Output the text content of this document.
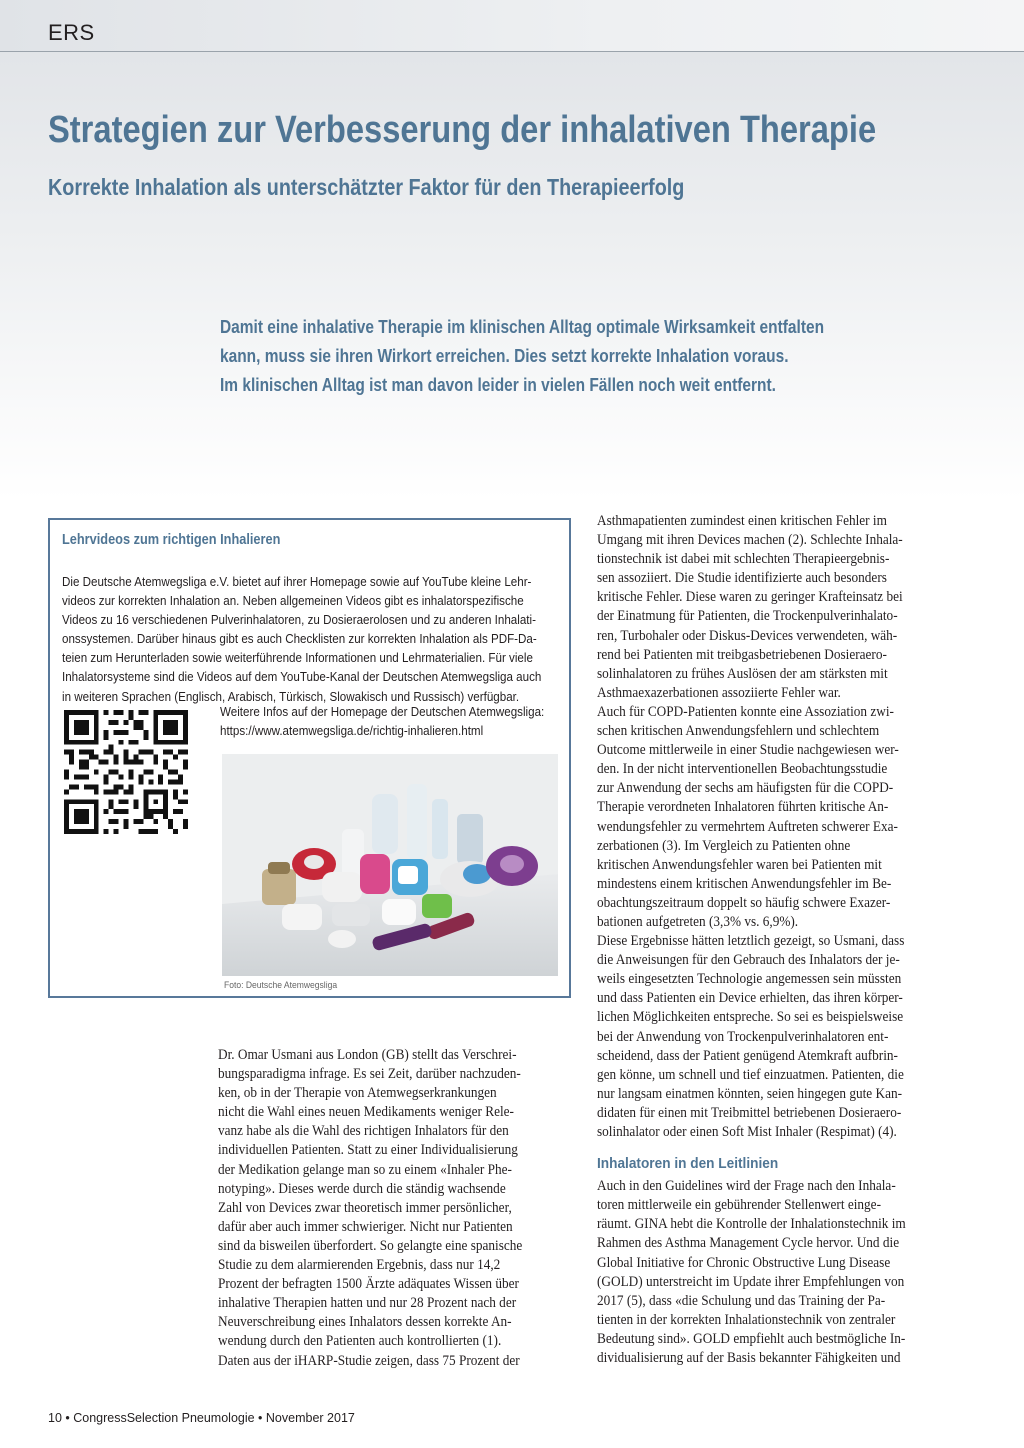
ERS
Strategien zur Verbesserung der inhalativen Therapie
Korrekte Inhalation als unterschätzter Faktor für den Therapieerfolg
Damit eine inhalative Therapie im klinischen Alltag optimale Wirksamkeit entfalten
kann, muss sie ihren Wirkort erreichen. Dies setzt korrekte Inhalation voraus.
Im klinischen Alltag ist man davon leider in vielen Fällen noch weit entfernt.
Lehrvideos zum richtigen Inhalieren
Die Deutsche Atemwegsliga e.V. bietet auf ihrer Homepage sowie auf YouTube kleine Lehr-
videos zur korrekten Inhalation an. Neben allgemeinen Videos gibt es inhalatorspezifische
Videos zu 16 verschiedenen Pulverinhalatoren, zu Dosieraerolosen und zu anderen Inhalati-
onssystemen. Darüber hinaus gibt es auch Checklisten zur korrekten Inhalation als PDF-Da-
teien zum Herunterladen sowie weiterführende Informationen und Lehrmaterialien. Für viele
Inhalatorsysteme sind die Videos auf dem YouTube-Kanal der Deutschen Atemwegsliga auch
in weiteren Sprachen (Englisch, Arabisch, Türkisch, Slowakisch und Russisch) verfügbar.
Weitere Infos auf der Homepage der Deutschen Atemwegsliga:
https://www.atemwegsliga.de/richtig-inhalieren.html
Foto: Deutsche Atemwegsliga
Dr. Omar Usmani aus London (GB) stellt das Verschrei-
bungsparadigma infrage. Es sei Zeit, darüber nachzuden-
ken, ob in der Therapie von Atemwegserkrankungen
nicht die Wahl eines neuen Medikaments weniger Rele-
vanz habe als die Wahl des richtigen Inhalators für den
individuellen Patienten. Statt zu einer Individualisierung
der Medikation gelange man so zu einem «Inhaler Phe-
notyping». Dieses werde durch die ständig wachsende
Zahl von Devices zwar theoretisch immer persönlicher,
dafür aber auch immer schwieriger. Nicht nur Patienten
sind da bisweilen überfordert. So gelangte eine spanische
Studie zu dem alarmierenden Ergebnis, dass nur 14,2
Prozent der befragten 1500 Ärzte adäquates Wissen über
inhalative Therapien hatten und nur 28 Prozent nach der
Neuverschreibung eines Inhalators dessen korrekte An-
wendung durch den Patienten auch kontrollierten (1).
Daten aus der iHARP-Studie zeigen, dass 75 Prozent der
Asthmapatienten zumindest einen kritischen Fehler im
Umgang mit ihren Devices machen (2). Schlechte Inhala-
tionstechnik ist dabei mit schlechten Therapieergebnis-
sen assoziiert. Die Studie identifizierte auch besonders
kritische Fehler. Diese waren zu geringer Krafteinsatz bei
der Einatmung für Patienten, die Trockenpulverinhalato-
ren, Turbohaler oder Diskus-Devices verwendeten, wäh-
rend bei Patienten mit treibgasbetriebenen Dosieraero-
solinhalatoren zu frühes Auslösen der am stärksten mit
Asthmaexazerbationen assoziierte Fehler war.
Auch für COPD-Patienten konnte eine Assoziation zwi-
schen kritischen Anwendungsfehlern und schlechtem
Outcome mittlerweile in einer Studie nachgewiesen wer-
den. In der nicht interventionellen Beobachtungsstudie
zur Anwendung der sechs am häufigsten für die COPD-
Therapie verordneten Inhalatoren führten kritische An-
wendungsfehler zu vermehrtem Auftreten schwerer Exa-
zerbationen (3). Im Vergleich zu Patienten ohne
kritischen Anwendungsfehler waren bei Patienten mit
mindestens einem kritischen Anwendungsfehler im Be-
obachtungszeitraum doppelt so häufig schwere Exazer-
bationen aufgetreten (3,3% vs. 6,9%).
Diese Ergebnisse hätten letztlich gezeigt, so Usmani, dass
die Anweisungen für den Gebrauch des Inhalators der je-
weils eingesetzten Technologie angemessen sein müssten
und dass Patienten ein Device erhielten, das ihren körper-
lichen Möglichkeiten entspreche. So sei es beispielsweise
bei der Anwendung von Trockenpulverinhalatoren ent-
scheidend, dass der Patient genügend Atemkraft aufbrin-
gen könne, um schnell und tief einzuatmen. Patienten, die
nur langsam einatmen könnten, seien hingegen gute Kan-
didaten für einen mit Treibmittel betriebenen Dosieraero-
solinhalator oder einen Soft Mist Inhaler (Respimat) (4).
Inhalatoren in den Leitlinien
Auch in den Guidelines wird der Frage nach den Inhala-
toren mittlerweile ein gebührender Stellenwert einge-
räumt. GINA hebt die Kontrolle der Inhalationstechnik im
Rahmen des Asthma Management Cycle hervor. Und die
Global Initiative for Chronic Obstructive Lung Disease
(GOLD) unterstreicht im Update ihrer Empfehlungen von
2017 (5), dass «die Schulung und das Training der Pa-
tienten in der korrekten Inhalationstechnik von zentraler
Bedeutung sind». GOLD empfiehlt auch bestmögliche In-
dividualisierung auf der Basis bekannter Fähigkeiten und
10 • CongressSelection Pneumologie • November 2017
